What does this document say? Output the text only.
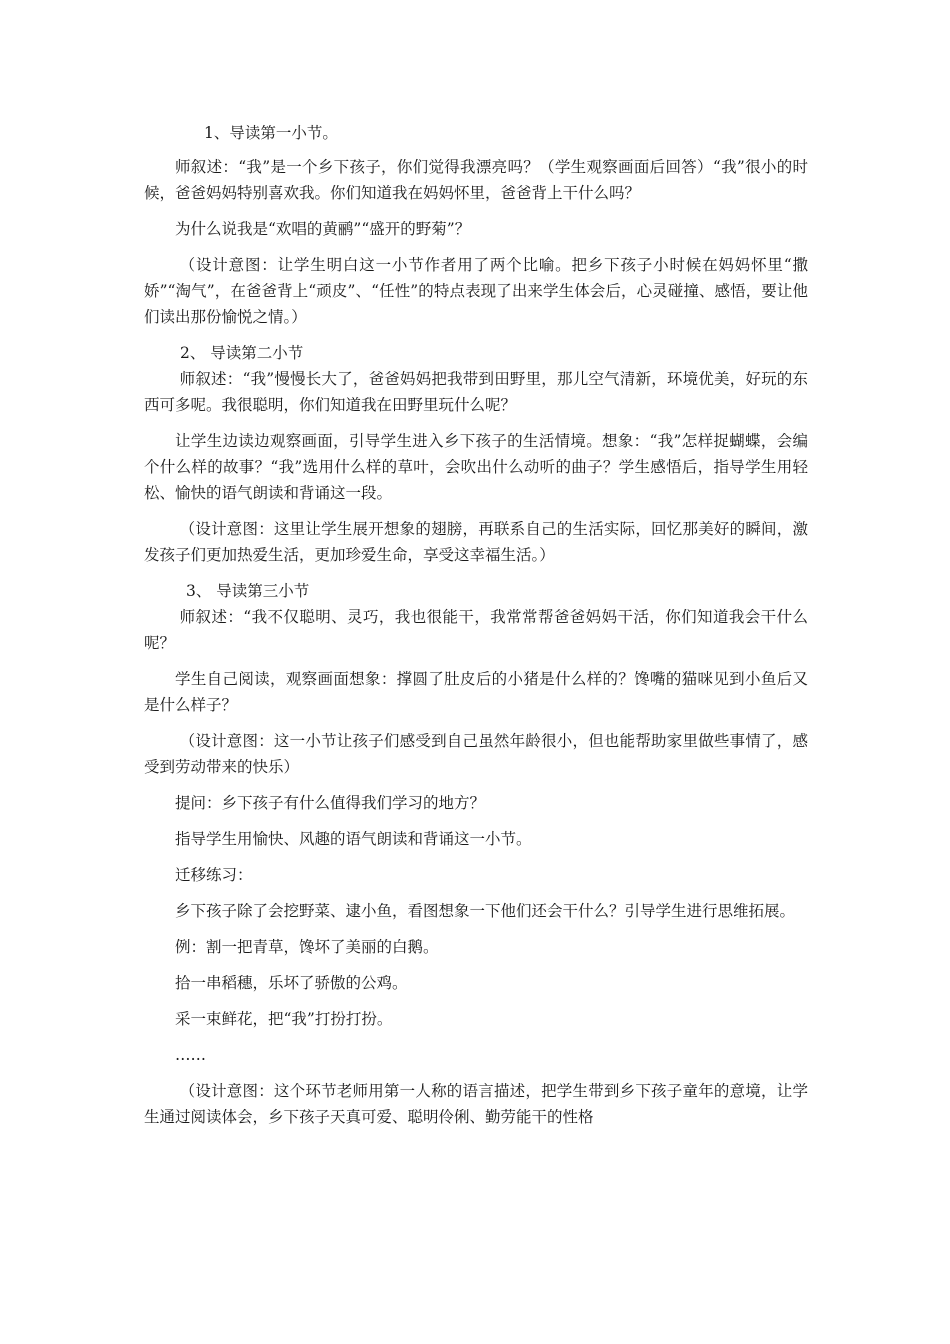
1、导读第一小节。
师叙述：“我”是一个乡下孩子，你们觉得我漂亮吗？（学生观察画面后回答）“我”很小的时候，爸爸妈妈特别喜欢我。你们知道我在妈妈怀里，爸爸背上干什么吗？
为什么说我是“欢唱的黄鹂”“盛开的野菊”？
（设计意图：让学生明白这一小节作者用了两个比喻。把乡下孩子小时候在妈妈怀里“撒娇”“淘气”，在爸爸背上“顽皮”、“任性”的特点表现了出来学生体会后，心灵碰撞、感悟，要让他们读出那份愉悦之情。）
2、 导读第二小节
师叙述：“我”慢慢长大了，爸爸妈妈把我带到田野里，那儿空气清新，环境优美，好玩的东西可多呢。我很聪明，你们知道我在田野里玩什么呢？
让学生边读边观察画面，引导学生进入乡下孩子的生活情境。想象：“我”怎样捉蝴蝶，会编个什么样的故事？“我”选用什么样的草叶，会吹出什么动听的曲子？学生感悟后，指导学生用轻松、愉快的语气朗读和背诵这一段。
（设计意图：这里让学生展开想象的翅膀，再联系自己的生活实际，回忆那美好的瞬间，激发孩子们更加热爱生活，更加珍爱生命，享受这幸福生活。）
3、 导读第三小节
师叙述：“我不仅聪明、灵巧，我也很能干，我常常帮爸爸妈妈干活，你们知道我会干什么呢？
学生自己阅读，观察画面想象：撑圆了肚皮后的小猪是什么样的？馋嘴的猫咪见到小鱼后又是什么样子？
（设计意图：这一小节让孩子们感受到自己虽然年龄很小，但也能帮助家里做些事情了，感受到劳动带来的快乐）
提问：乡下孩子有什么值得我们学习的地方？
指导学生用愉快、风趣的语气朗读和背诵这一小节。
迁移练习：
乡下孩子除了会挖野菜、逮小鱼，看图想象一下他们还会干什么？引导学生进行思维拓展。
例：割一把青草，馋坏了美丽的白鹅。
拾一串稻穗，乐坏了骄傲的公鸡。
采一束鲜花，把“我”打扮打扮。
……
（设计意图：这个环节老师用第一人称的语言描述，把学生带到乡下孩子童年的意境，让学生通过阅读体会，乡下孩子天真可爱、聪明伶俐、勤劳能干的性格
